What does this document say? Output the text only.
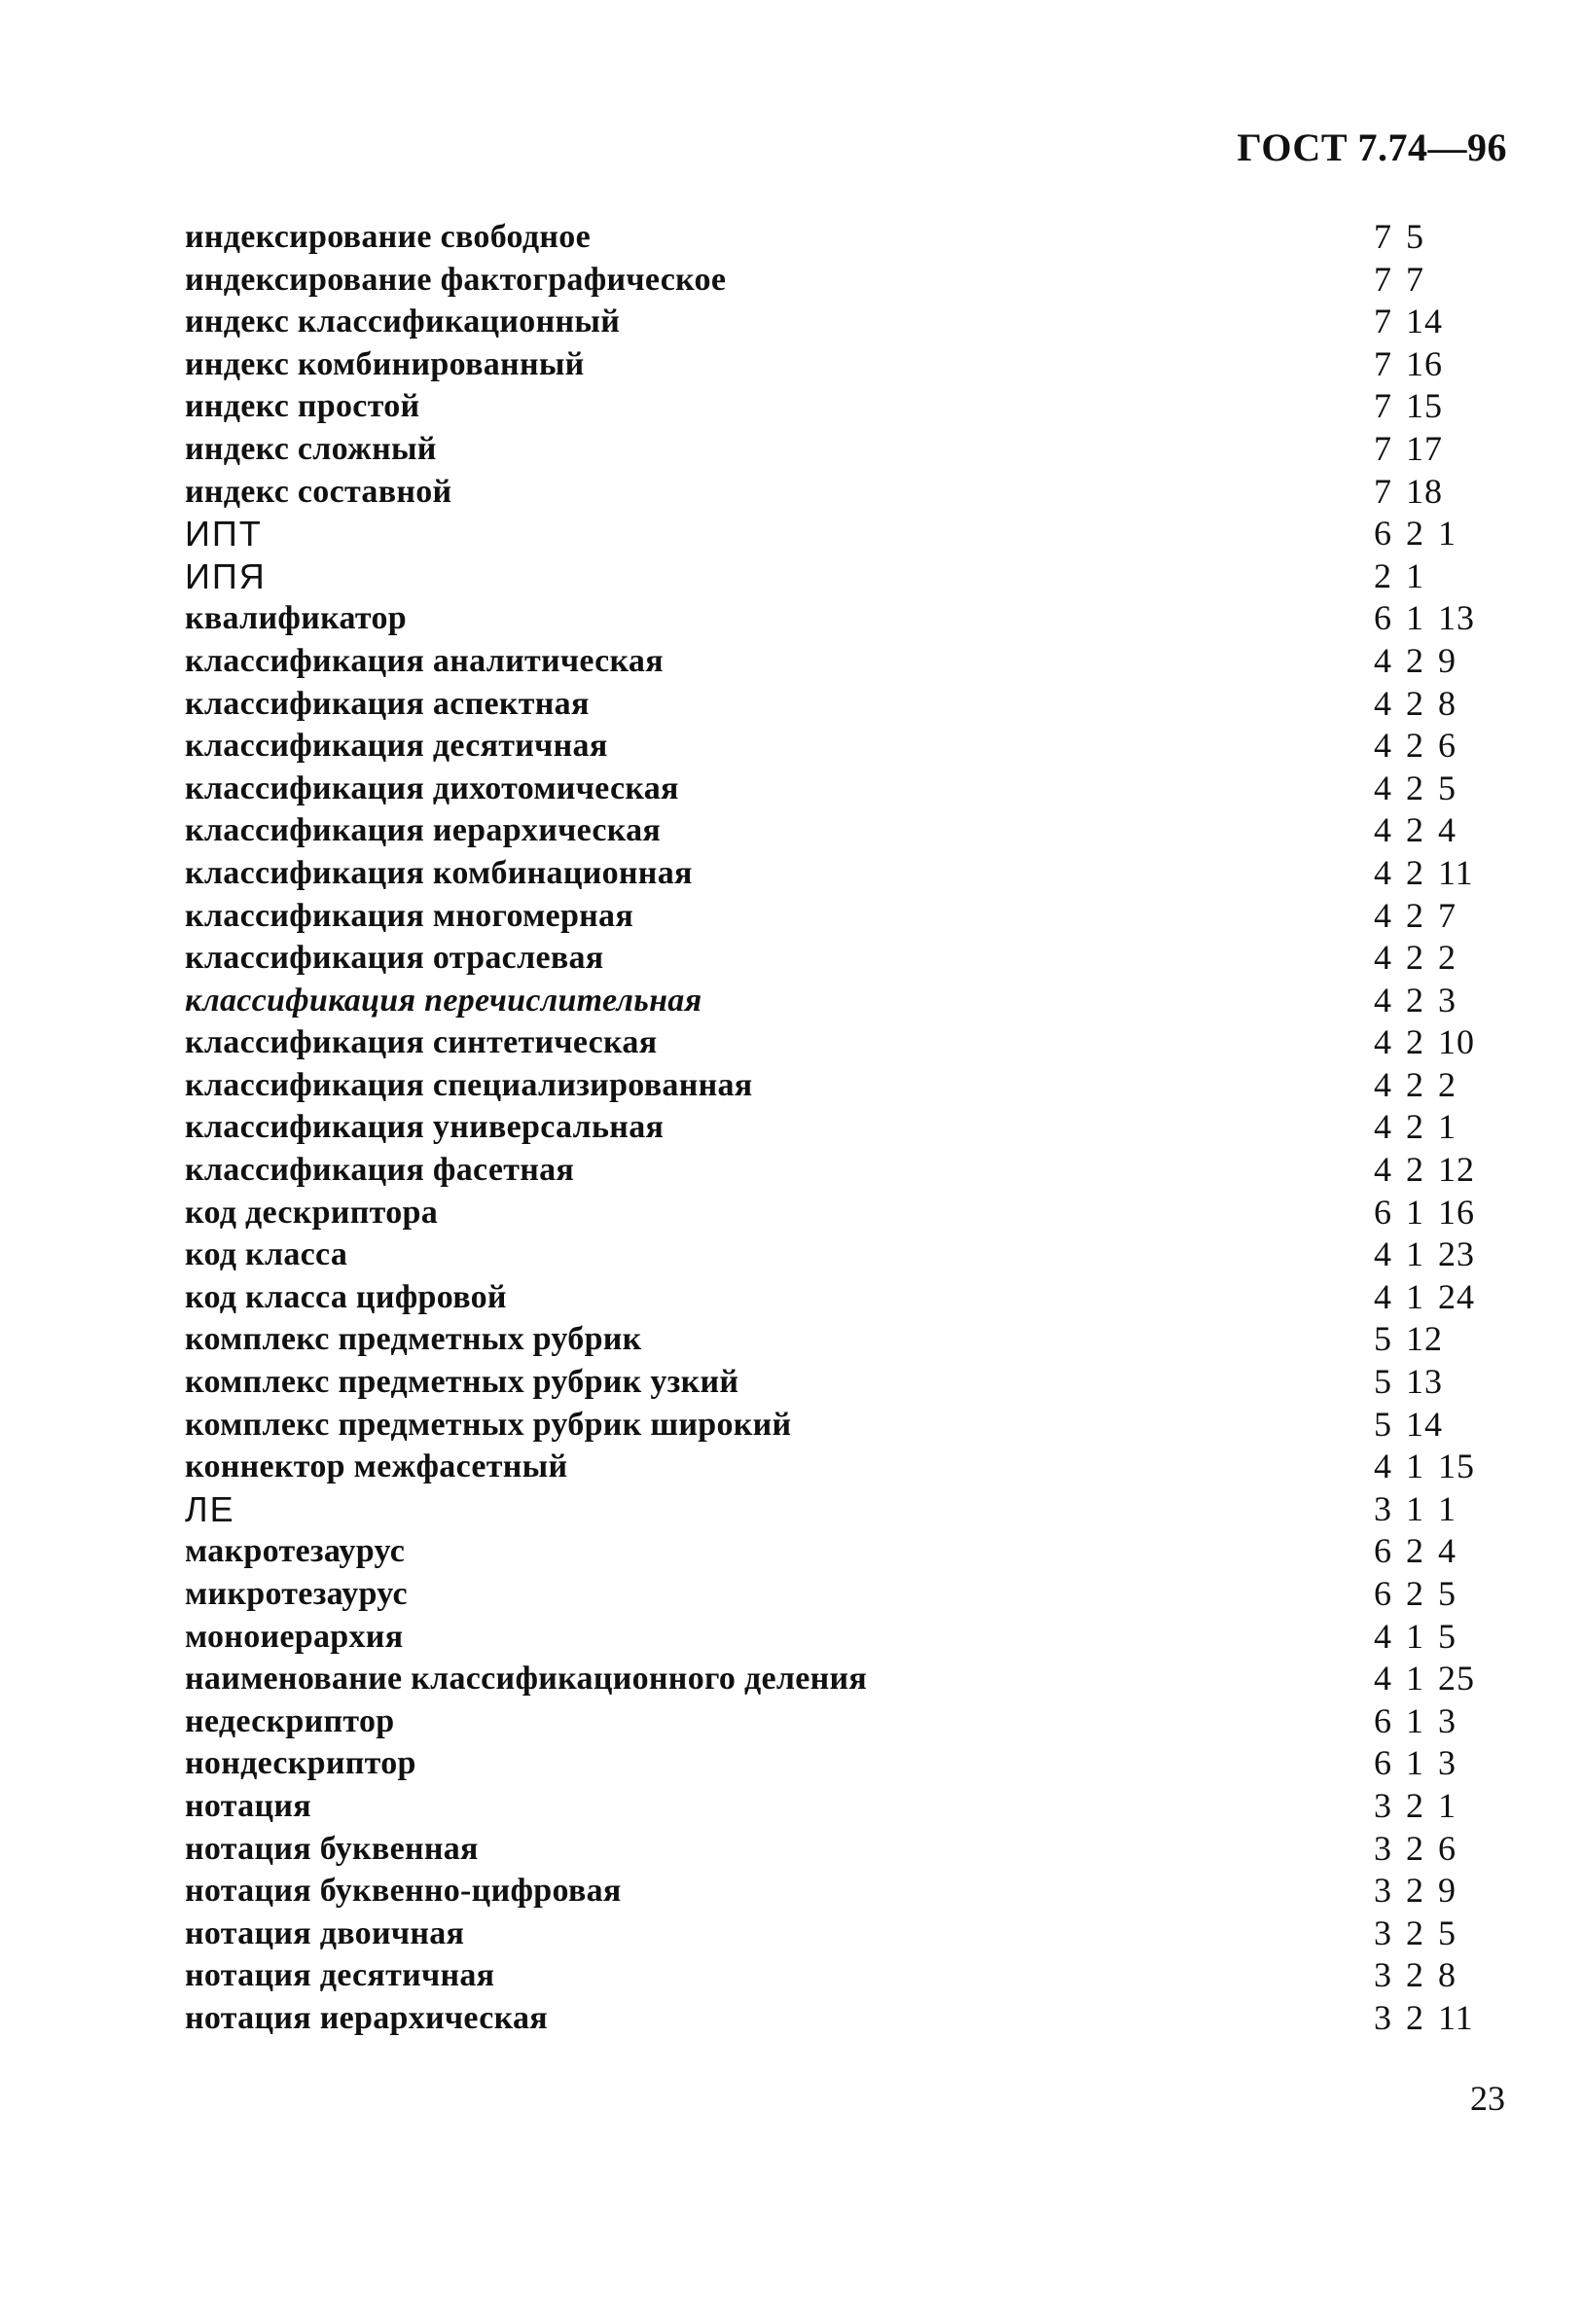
ГОСТ 7.74—96
индексирование свободное	7 5
индексирование фактографическое	7 7
индекс классификационный	7 14
индекс комбинированный	7 16
индекс простой	7 15
индекс сложный	7 17
индекс составной	7 18
ИПТ	6 2 1
ИПЯ	2 1
квалификатор	6 1 13
классификация аналитическая	4 2 9
классификация аспектная	4 2 8
классификация десятичная	4 2 6
классификация дихотомическая	4 2 5
классификация иерархическая	4 2 4
классификация комбинационная	4 2 11
классификация многомерная	4 2 7
классификация отраслевая	4 2 2
классификация перечислительная	4 2 3
классификация синтетическая	4 2 10
классификация специализированная	4 2 2
классификация универсальная	4 2 1
классификация фасетная	4 2 12
код дескриптора	6 1 16
код класса	4 1 23
код класса цифровой	4 1 24
комплекс предметных рубрик	5 12
комплекс предметных рубрик узкий	5 13
комплекс предметных рубрик широкий	5 14
коннектор межфасетный	4 1 15
ЛЕ	3 1 1
макротезаурус	6 2 4
микротезаурус	6 2 5
моноиерархия	4 1 5
наименование классификационного деления	4 1 25
недескриптор	6 1 3
нондескриптор	6 1 3
нотация	3 2 1
нотация буквенная	3 2 6
нотация буквенно-цифровая	3 2 9
нотация двоичная	3 2 5
нотация десятичная	3 2 8
нотация иерархическая	3 2 11
23
